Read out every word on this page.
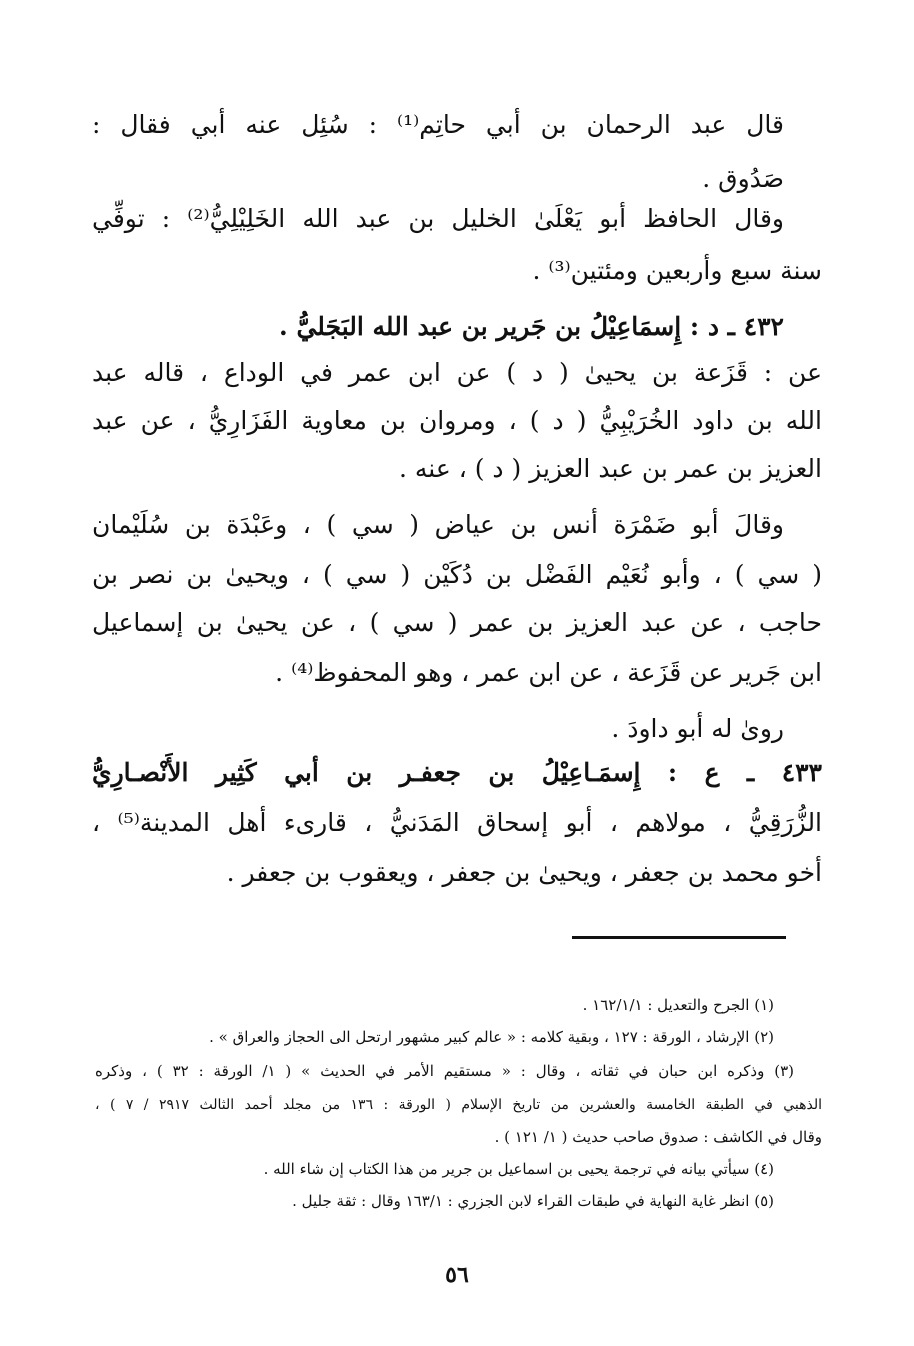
قال عبد الرحمان بن أبي حاتِم⁽¹⁾ : سُئِل عنه أبي فقال :
صَدُوق .
وقال الحافظ أبو يَعْلَىٰ الخليل بن عبد الله الخَلِيْلِيُّ⁽²⁾ : توفِّي
سنة سبع وأربعين ومئتين⁽³⁾ .
٤٣٢ ـ د : إِسمَاعِيْلُ بن جَرير بن عبد الله البَجَليُّ .
عن : قَزَعة بن يحيىٰ ( د ) عن ابن عمر في الوداع ، قاله عبد
الله بن داود الخُرَيْبِيُّ ( د ) ، ومروان بن معاوية الفَزَارِيُّ ، عن عبد
العزيز بن عمر بن عبد العزيز ( د ) ، عنه .
وقالَ أبو ضَمْرَة أنس بن عياض ( سي ) ، وعَبْدَة بن سُلَيْمان
( سي ) ، وأبو نُعَيْم الفَضْل بن دُكَيْن ( سي ) ، ويحيىٰ بن نصر بن
حاجب ، عن عبد العزيز بن عمر ( سي ) ، عن يحيىٰ بن إسماعيل
ابن جَرير عن قَزَعة ، عن ابن عمر ، وهو المحفوظ⁽⁴⁾ .
روىٰ له أبو داودَ .
٤٣٣ ـ ع : إِسمَـاعِيْلُ بن جعفـر بن أبي كَثِير الأَنْصـارِيُّ
الزُّرَقِيُّ ، مولاهم ، أبو إسحاق المَدَنيُّ ، قارىء أهل المدينة⁽⁵⁾ ،
أخو محمد بن جعفر ، ويحيىٰ بن جعفر ، ويعقوب بن جعفر .
(١) الجرح والتعديل : ١٦٢/١/١ .
(٢) الإرشاد ، الورقة : ١٢٧ ، وبقية كلامه : « عالم كبير مشهور ارتحل الى الحجاز والعراق » .
(٣) وذكره ابن حبان في ثقاته ، وقال : « مستقيم الأمر في الحديث » ( ١/ الورقة : ٣٢ ) ، وذكره
الذهبي في الطبقة الخامسة والعشرين من تاريخ الإسلام ( الورقة : ١٣٦ من مجلد أحمد الثالث ٢٩١٧ / ٧ ) ،
وقال في الكاشف : صدوق صاحب حديث ( ١/ ١٢١ ) .
(٤) سيأتي بيانه في ترجمة يحيى بن اسماعيل بن جرير من هذا الكتاب إن شاء الله .
(٥) انظر غاية النهاية في طبقات القراء لابن الجزري : ١٦٣/١ وقال : ثقة جليل .
٥٦
